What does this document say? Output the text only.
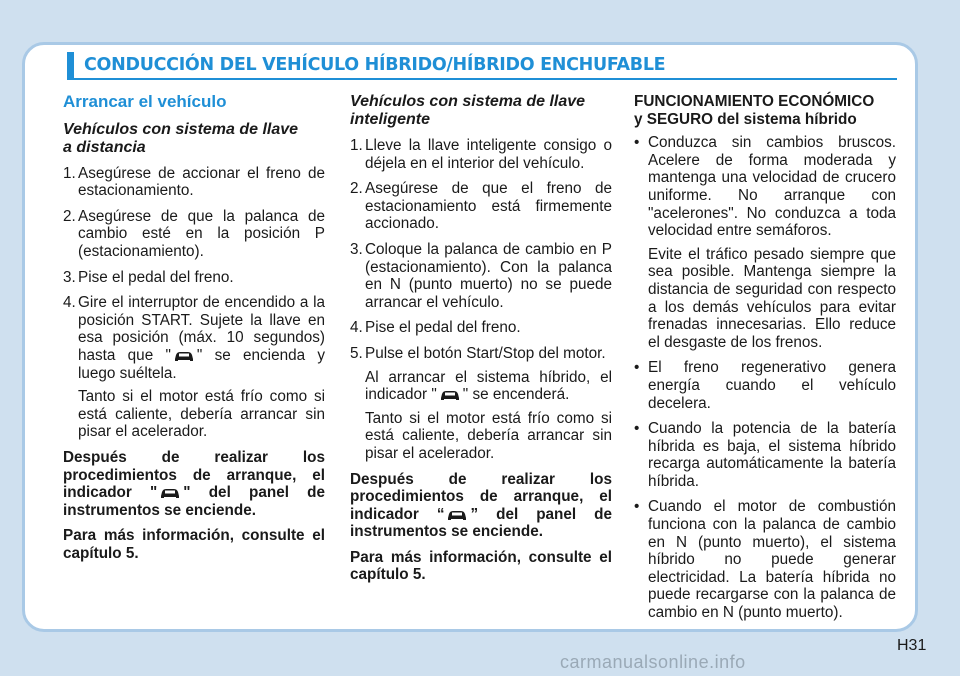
CONDUCCIÓN DEL VEHÍCULO HÍBRIDO/HÍBRIDO ENCHUFABLE
Arrancar el vehículo
Vehículos con sistema de llave
a distancia
1. Asegúrese de accionar el freno de estacionamiento.
2. Asegúrese de que la palanca de cambio esté en la posición P (estacionamiento).
3. Pise el pedal del freno.
4. Gire el interruptor de encendido a la posición START. Sujete la llave en esa posición (máx. 10 segundos) hasta que " " se encienda y luego suéltela.
Tanto si el motor está frío como si está caliente, debería arrancar sin pisar el acelerador.
Después de realizar los procedimientos de arranque, el indicador " " del panel de instrumentos se enciende.
Para más información, consulte el capítulo 5.
Vehículos con sistema de llave
inteligente
1. Lleve la llave inteligente consigo o déjela en el interior del vehículo.
2. Asegúrese de que el freno de estacionamiento está firmemente accionado.
3. Coloque la palanca de cambio en P (estacionamiento). Con la palanca en N (punto muerto) no se puede arrancar el vehículo.
4. Pise el pedal del freno.
5. Pulse el botón Start/Stop del motor.
Al arrancar el sistema híbrido, el indicador " " se encenderá.
Tanto si el motor está frío como si está caliente, debería arrancar sin pisar el acelerador.
Después de realizar los procedimientos de arranque, el indicador “ ” del panel de instrumentos se enciende.
Para más información, consulte el capítulo 5.
FUNCIONAMIENTO ECONÓMICO
y SEGURO del sistema híbrido
• Conduzca sin cambios bruscos. Acelere de forma moderada y mantenga una velocidad de crucero uniforme. No arranque con "acelerones". No conduzca a toda velocidad entre semáforos.
Evite el tráfico pesado siempre que sea posible. Mantenga siempre la distancia de seguridad con respecto a los demás vehículos para evitar frenadas innecesarias. Ello reduce el desgaste de los frenos.
• El freno regenerativo genera energía cuando el vehículo decelera.
• Cuando la potencia de la batería híbrida es baja, el sistema híbrido recarga automáticamente la batería híbrida.
• Cuando el motor de combustión funciona con la palanca de cambio en N (punto muerto), el sistema híbrido no puede generar electricidad. La batería híbrida no puede recargarse con la palanca de cambio en N (punto muerto).
H31
carmanualsonline.info
